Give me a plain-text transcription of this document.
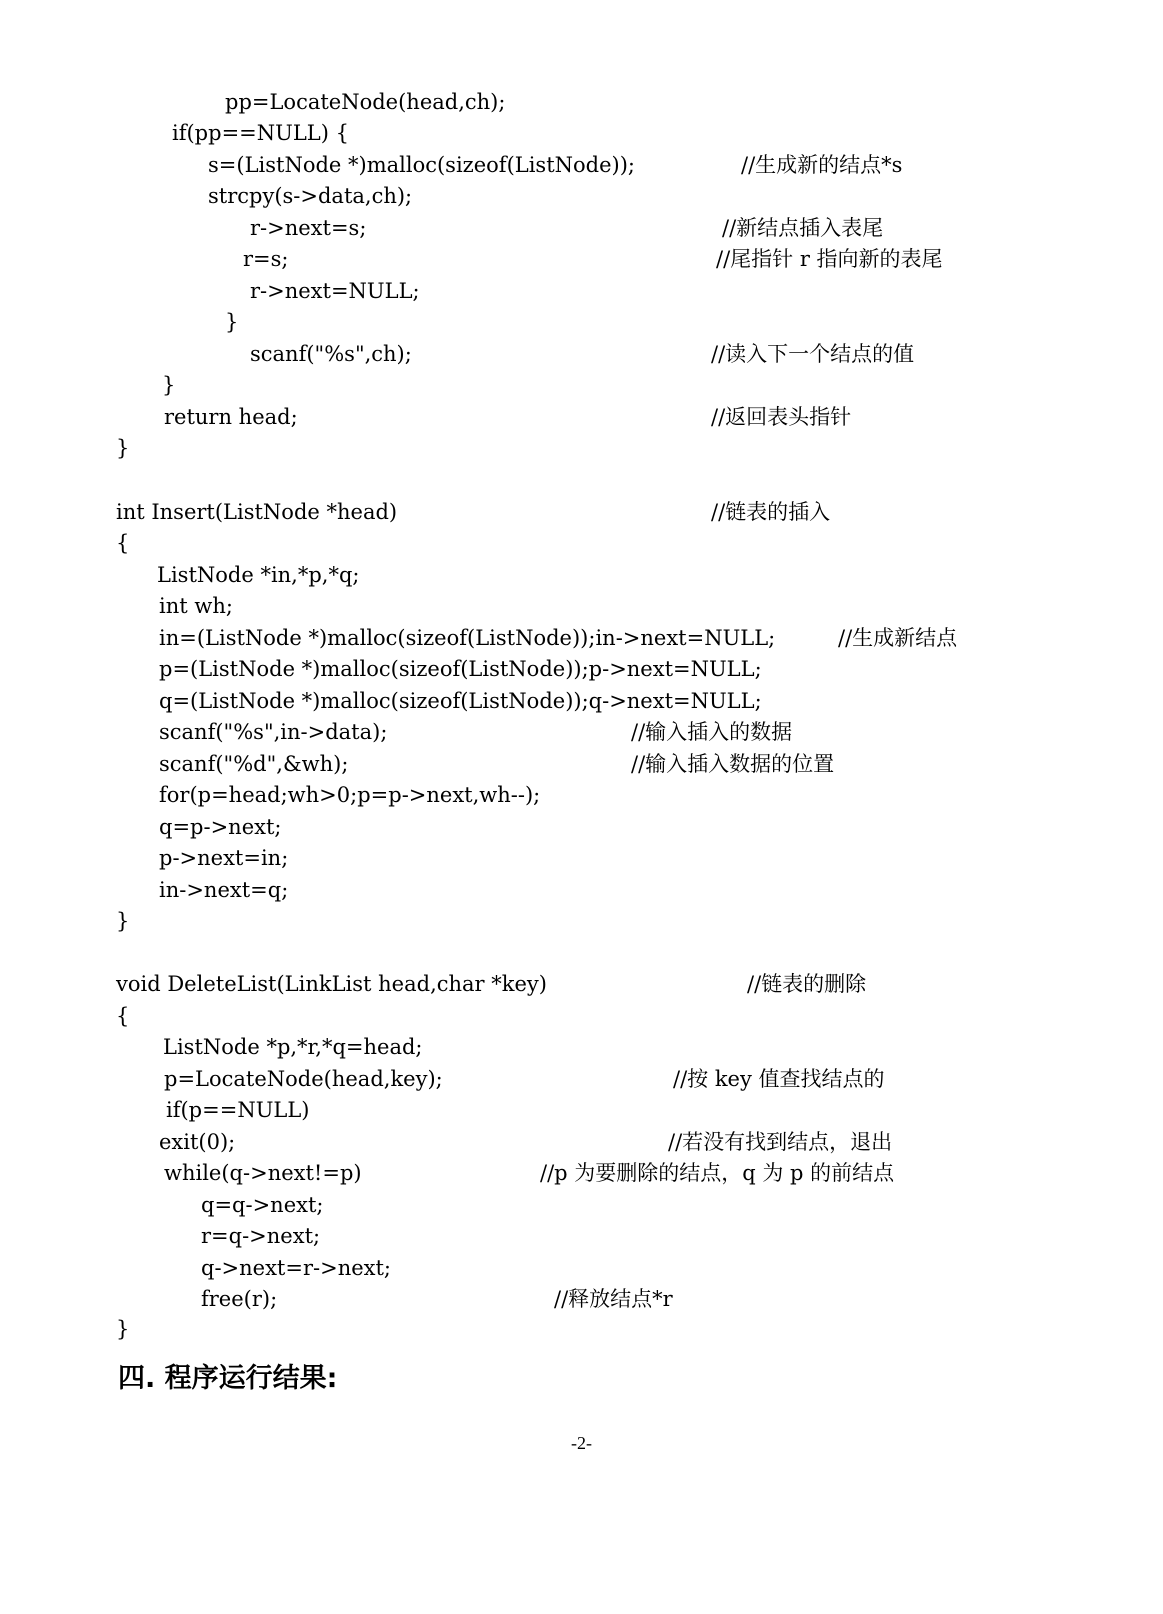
pp=LocateNode(head,ch);
if(pp==NULL) {
s=(ListNode *)malloc(sizeof(ListNode));	//生成新的结点*s
strcpy(s->data,ch);
r->next=s;	//新结点插入表尾
r=s;	//尾指针 r 指向新的表尾
r->next=NULL;
}
scanf("%s",ch);	//读入下一个结点的值
}
return head;	//返回表头指针
}
int Insert(ListNode *head)	//链表的插入
{
ListNode *in,*p,*q;
int wh;
in=(ListNode *)malloc(sizeof(ListNode));in->next=NULL;	//生成新结点
p=(ListNode *)malloc(sizeof(ListNode));p->next=NULL;
q=(ListNode *)malloc(sizeof(ListNode));q->next=NULL;
scanf("%s",in->data);	//输入插入的数据
scanf("%d",&wh);	//输入插入数据的位置
for(p=head;wh>0;p=p->next,wh--);
q=p->next;
p->next=in;
in->next=q;
}
void DeleteList(LinkList head,char *key)	//链表的删除
{
ListNode *p,*r,*q=head;
p=LocateNode(head,key);	//按 key 值查找结点的
if(p==NULL)
exit(0);	//若没有找到结点，退出
while(q->next!=p)	//p 为要删除的结点，q 为 p 的前结点
q=q->next;
r=q->next;
q->next=r->next;
free(r);	//释放结点*r
}
四. 程序运行结果:
-2-
